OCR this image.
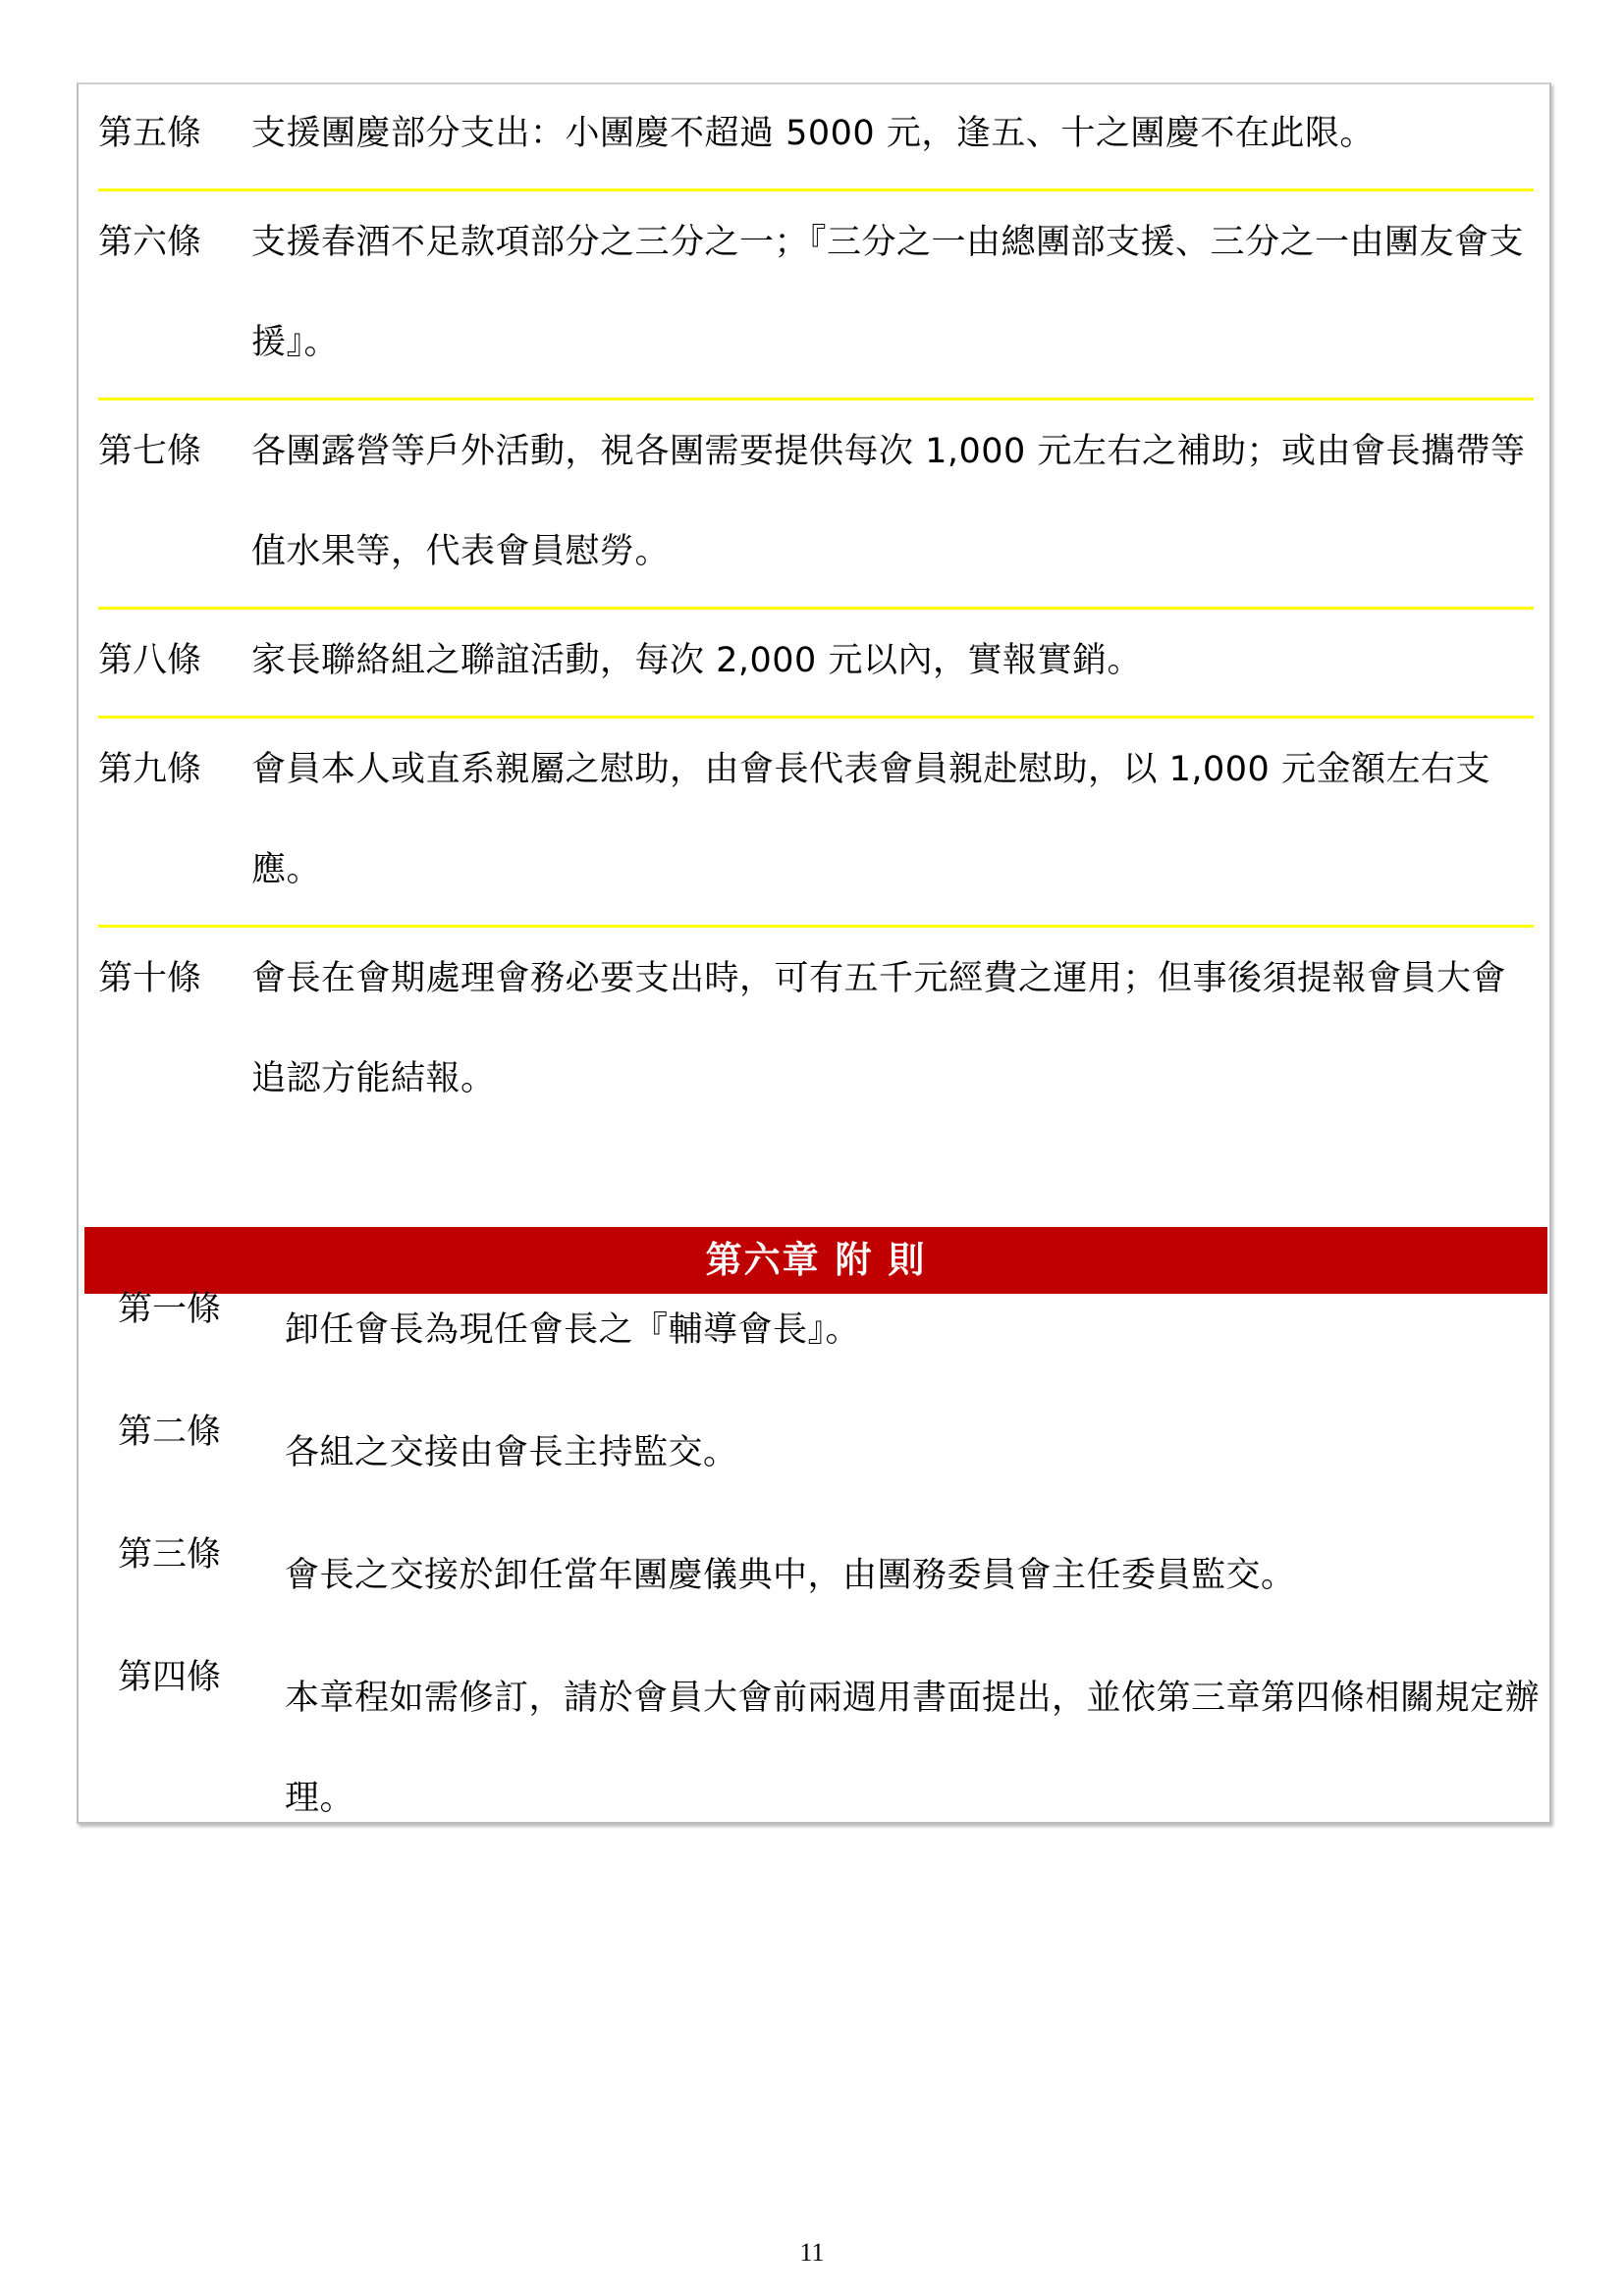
第五條 支援團慶部分支出：小團慶不超過 5000 元，逢五、十之團慶不在此限。
第六條 支援春酒不足款項部分之三分之一；『三分之一由總團部支援、三分之一由團友會支援』。
第七條 各團露營等戶外活動，視各團需要提供每次 1,000 元左右之補助；或由會長攜帶等值水果等，代表會員慰勞。
第八條 家長聯絡組之聯誼活動，每次 2,000 元以內，實報實銷。
第九條 會員本人或直系親屬之慰助，由會長代表會員親赴慰助，以 1,000 元金額左右支應。
第十條 會長在會期處理會務必要支出時，可有五千元經費之運用；但事後須提報會員大會追認方能結報。
第六章 附 則
第一條
卸任會長為現任會長之『輔導會長』。
第二條
各組之交接由會長主持監交。
第三條
會長之交接於卸任當年團慶儀典中，由團務委員會主任委員監交。
第四條
本章程如需修訂，請於會員大會前兩週用書面提出，並依第三章第四條相關規定辦理。
11
